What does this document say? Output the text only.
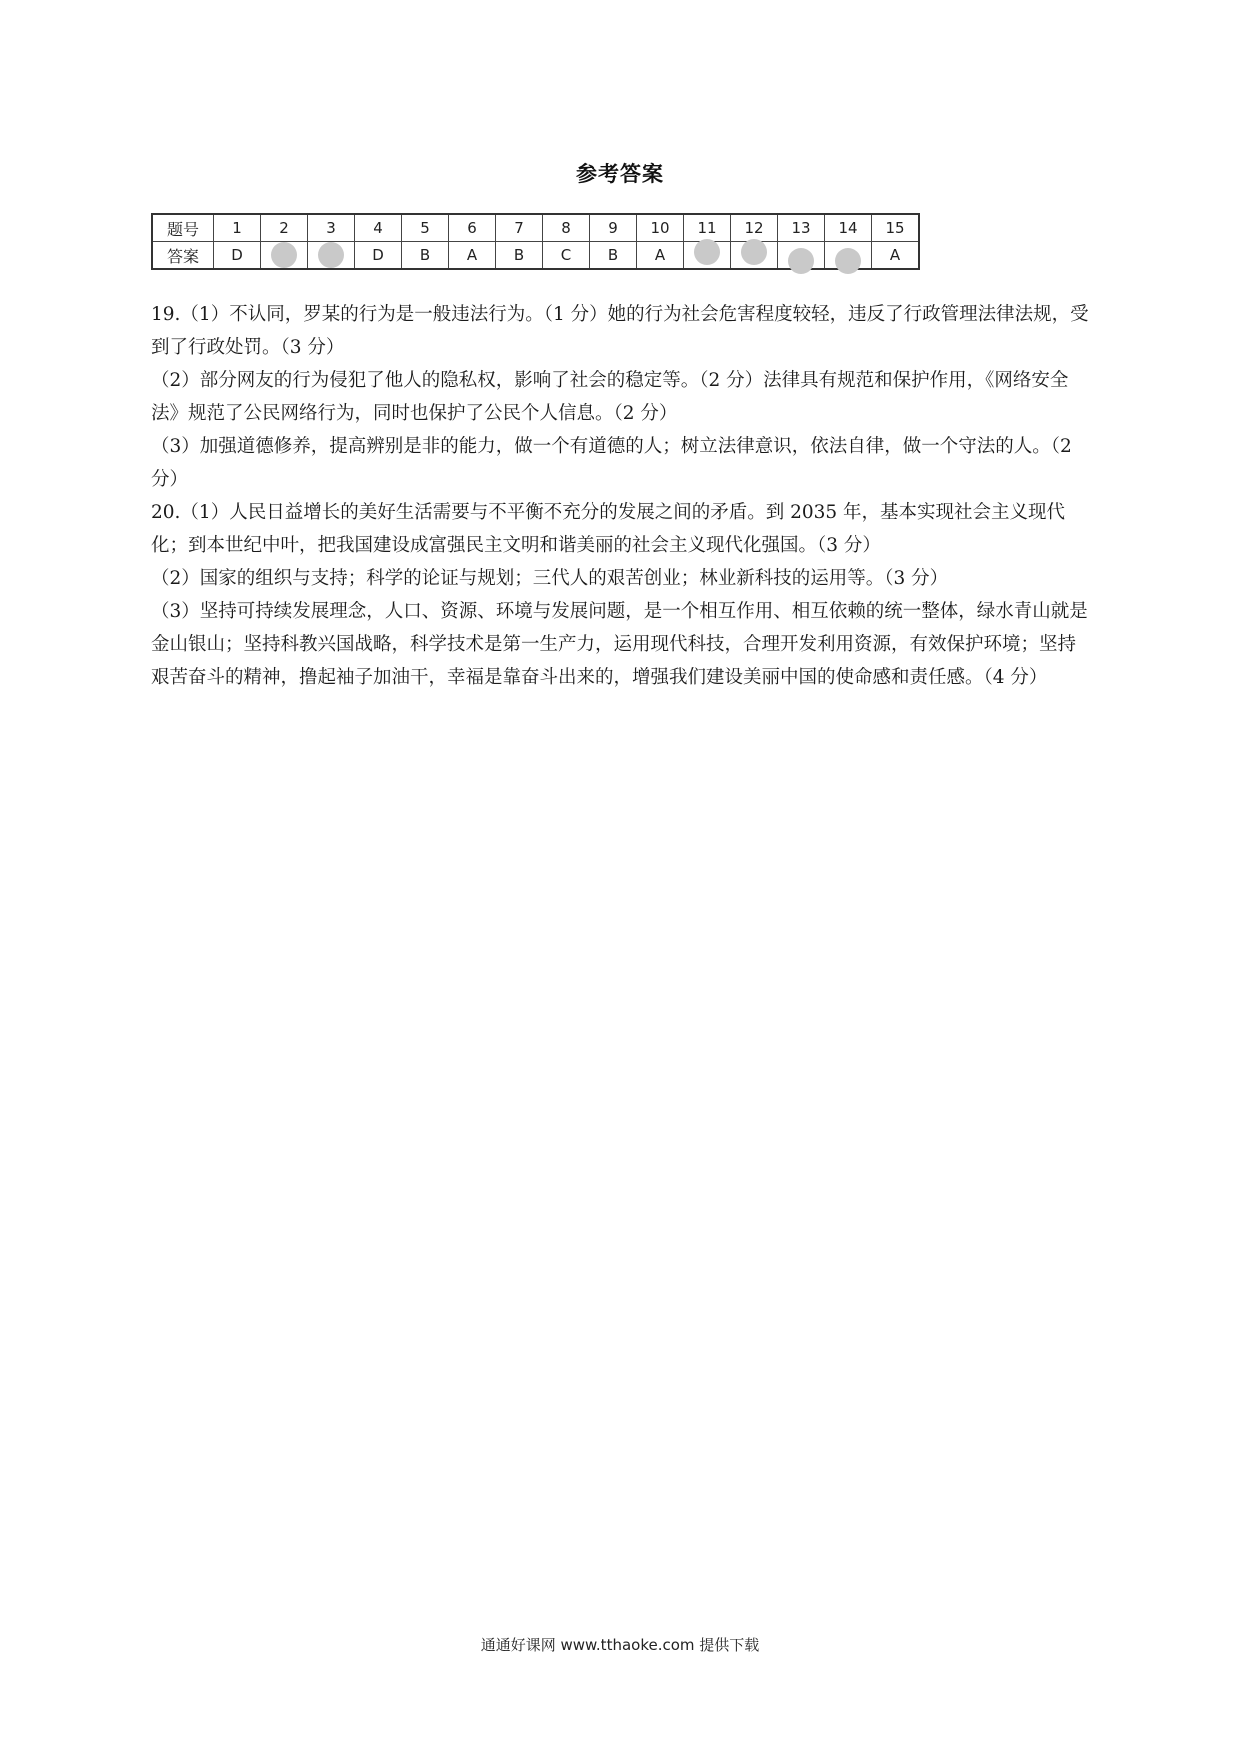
参考答案
题号	1	2	3	4	5	6	7	8	9	10	11	12	13	14	15
答案	D			D	B	A	B	C	B	A					A

19.（1）不认同，罗某的行为是一般违法行为。（1 分）她的行为社会危害程度较轻，违反了行政管理法律法规，受到了行政处罚。（3 分）

（2）部分网友的行为侵犯了他人的隐私权，影响了社会的稳定等。（2 分）法律具有规范和保护作用，《网络安全法》规范了公民网络行为，同时也保护了公民个人信息。（2 分）

（3）加强道德修养，提高辨别是非的能力，做一个有道德的人；树立法律意识，依法自律，做一个守法的人。（2 分）

20.（1）人民日益增长的美好生活需要与不平衡不充分的发展之间的矛盾。到 2035 年，基本实现社会主义现代化；到本世纪中叶，把我国建设成富强民主文明和谐美丽的社会主义现代化强国。（3 分）

（2）国家的组织与支持；科学的论证与规划；三代人的艰苦创业；林业新科技的运用等。（3 分）

（3）坚持可持续发展理念，人口、资源、环境与发展问题，是一个相互作用、相互依赖的统一整体，绿水青山就是金山银山；坚持科教兴国战略，科学技术是第一生产力，运用现代科技，合理开发利用资源，有效保护环境；坚持艰苦奋斗的精神，撸起袖子加油干，幸福是靠奋斗出来的，增强我们建设美丽中国的使命感和责任感。（4 分）

通通好课网 www.tthaoke.com 提供下载
